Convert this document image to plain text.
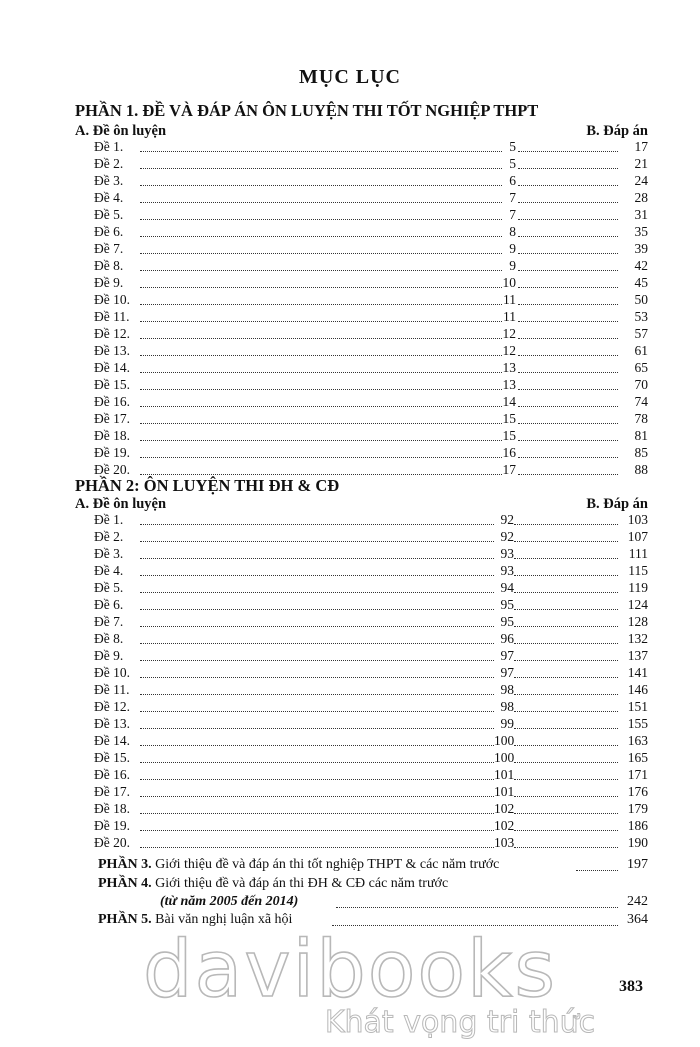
MỤC LỤC
PHẦN 1. ĐỀ VÀ ĐÁP ÁN ÔN LUYỆN THI TỐT NGHIỆP THPT
A. Đề ôn luyện	B. Đáp án
Đề 1.	5	17
Đề 2.	5	21
Đề 3.	6	24
Đề 4.	7	28
Đề 5.	7	31
Đề 6.	8	35
Đề 7.	9	39
Đề 8.	9	42
Đề 9.	10	45
Đề 10.	11	50
Đề 11.	11	53
Đề 12.	12	57
Đề 13.	12	61
Đề 14.	13	65
Đề 15.	13	70
Đề 16.	14	74
Đề 17.	15	78
Đề 18.	15	81
Đề 19.	16	85
Đề 20.	17	88
PHẦN 2: ÔN LUYỆN THI ĐH & CĐ
A. Đề ôn luyện	B. Đáp án
Đề 1.	92	103
Đề 2.	92	107
Đề 3.	93	111
Đề 4.	93	115
Đề 5.	94	119
Đề 6.	95	124
Đề 7.	95	128
Đề 8.	96	132
Đề 9.	97	137
Đề 10.	97	141
Đề 11.	98	146
Đề 12.	98	151
Đề 13.	99	155
Đề 14.	100	163
Đề 15.	100	165
Đề 16.	101	171
Đề 17.	101	176
Đề 18.	102	179
Đề 19.	102	186
Đề 20.	103	190
PHẦN 3. Giới thiệu đề và đáp án thi tốt nghiệp THPT & các năm trước	197
PHẦN 4. Giới thiệu đề và đáp án thi ĐH & CĐ các năm trước
(từ năm 2005 đến 2014)	242
PHẦN 5. Bài văn nghị luận xã hội	364
davibooks
Khát vọng tri thức
383
